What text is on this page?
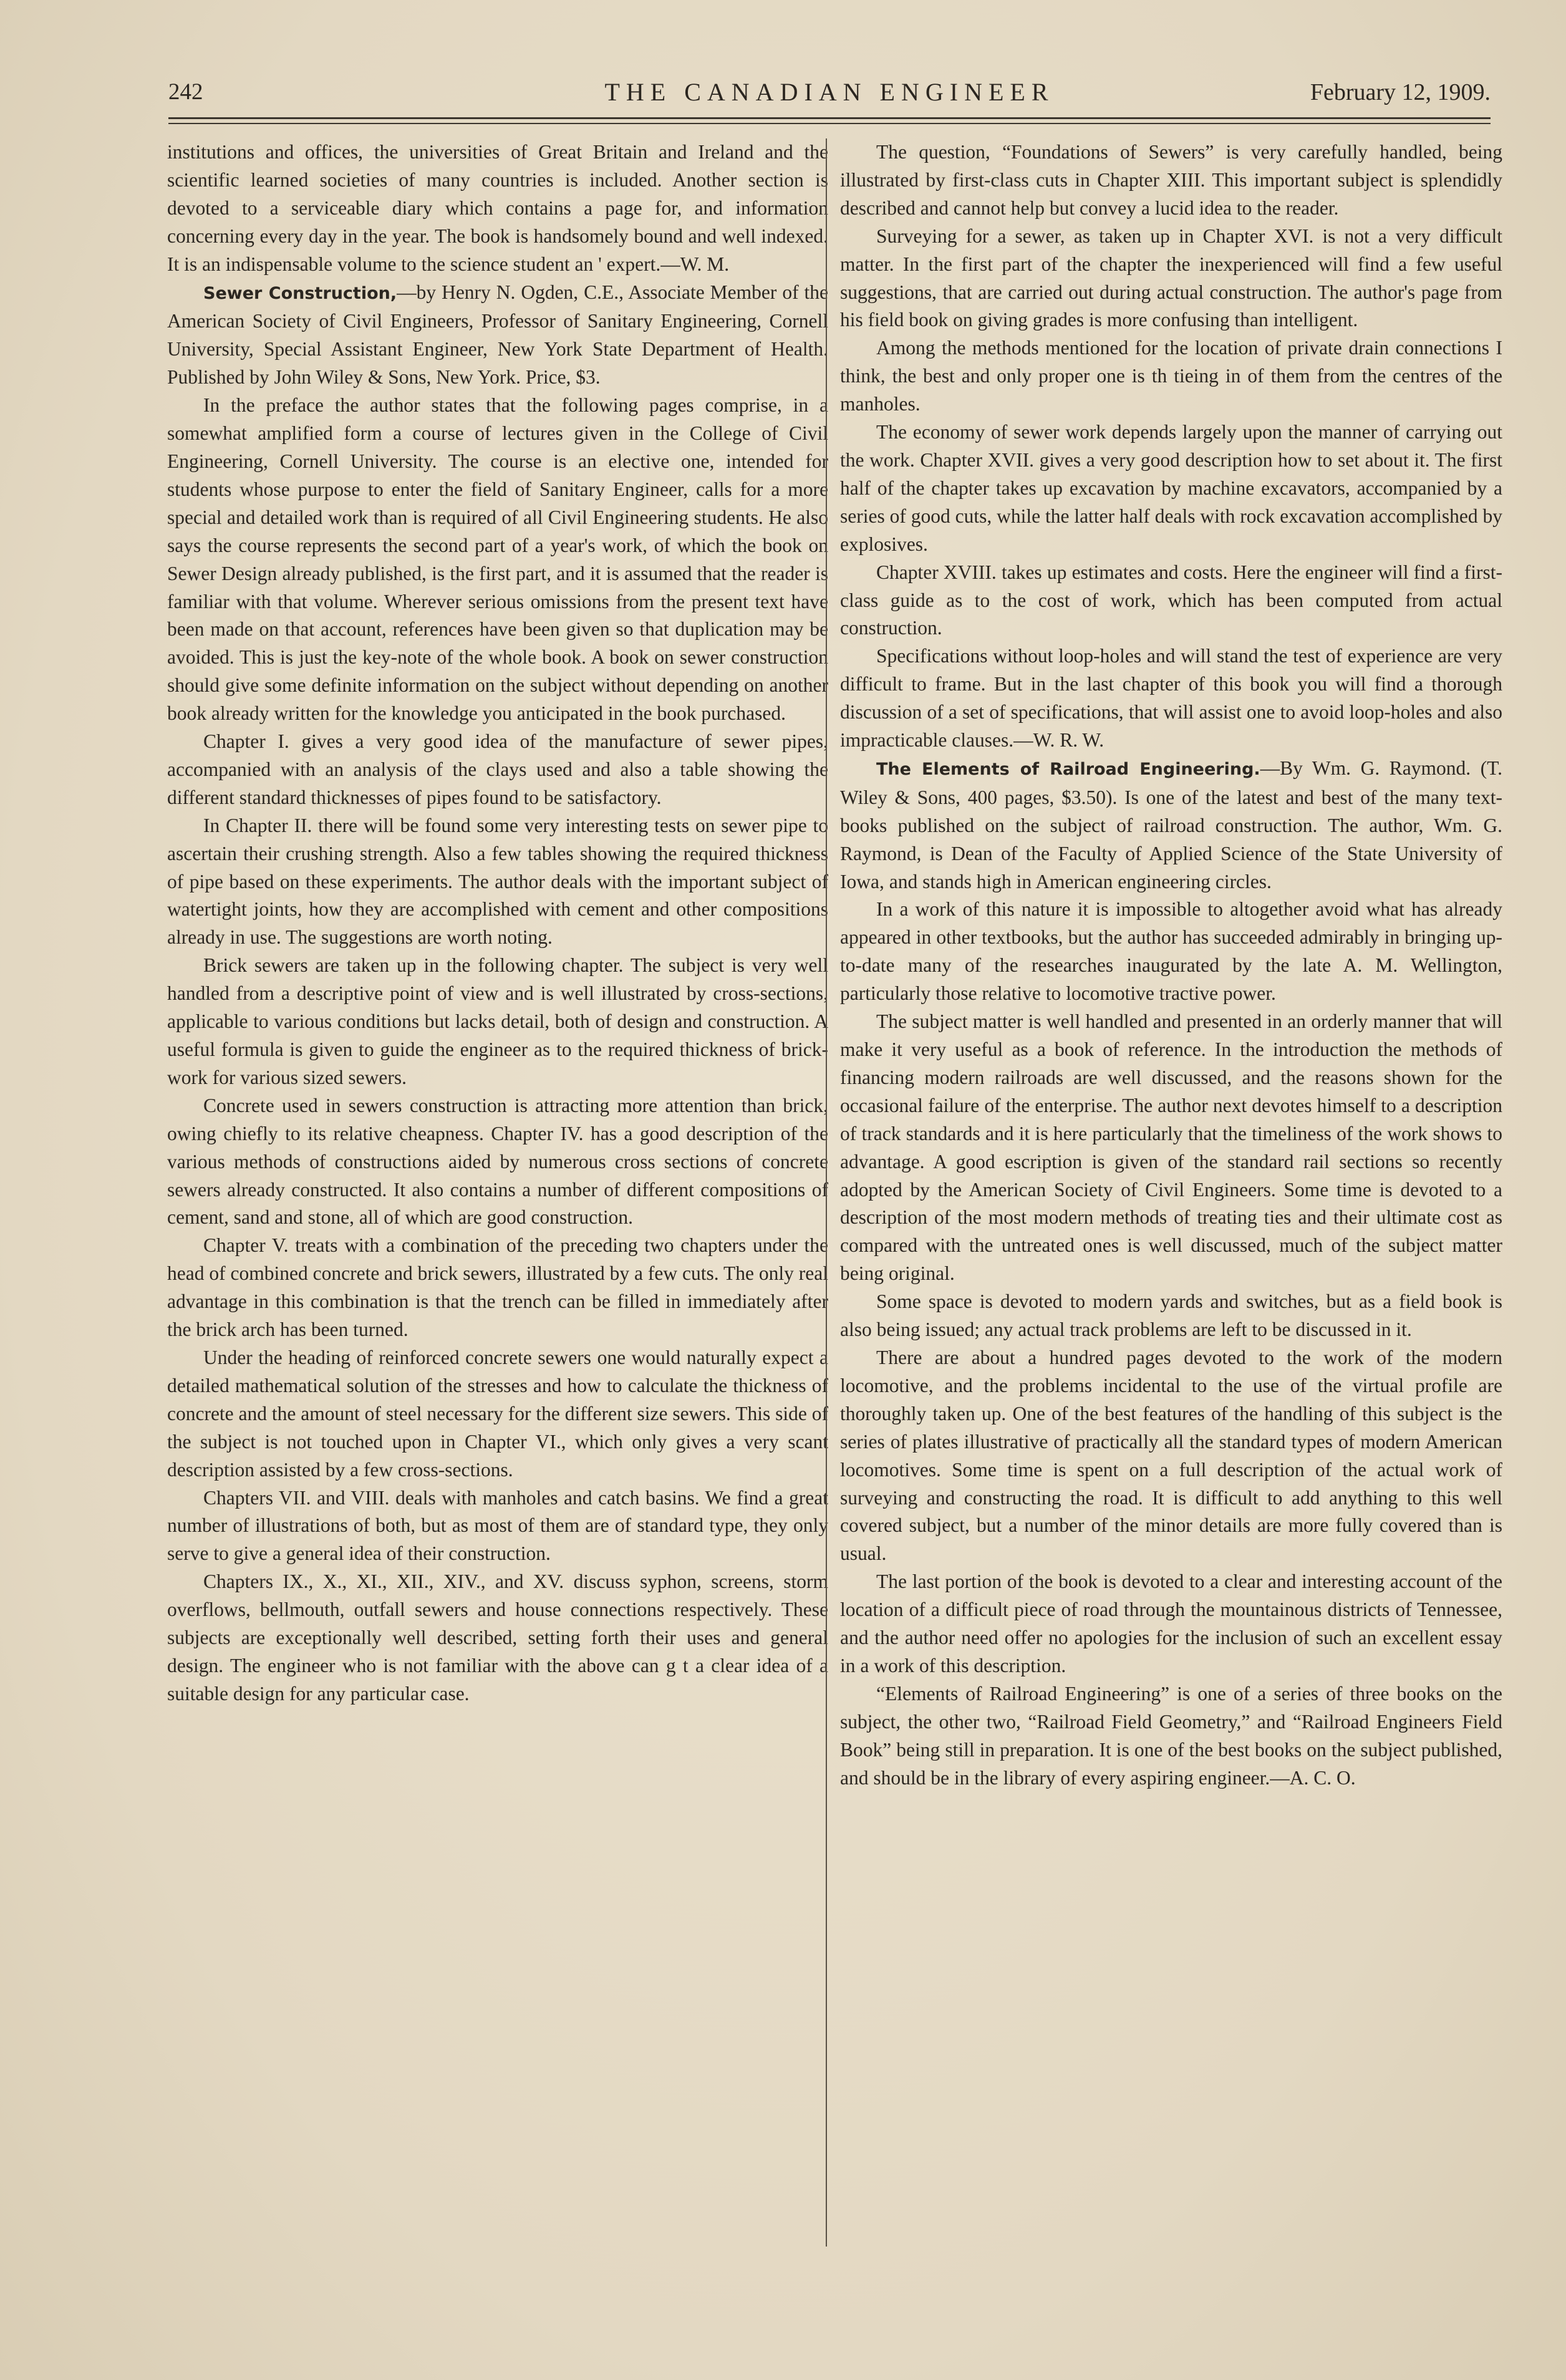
242	THE CANADIAN ENGINEER	February 12, 1909.

institutions and offices, the universities of Great Britain and Ireland and the scientific learned societies of many countries is included. Another section is devoted to a serviceable diary which contains a page for, and information concerning every day in the year. The book is handsomely bound and well indexed. It is an indispensable volume to the science student an ' expert.—W. M.

Sewer Construction,—by Henry N. Ogden, C.E., Associate Member of the American Society of Civil Engineers, Professor of Sanitary Engineering, Cornell University, Special Assistant Engineer, New York State Department of Health. Published by John Wiley & Sons, New York. Price, $3.

In the preface the author states that the following pages comprise, in a somewhat amplified form a course of lectures given in the College of Civil Engineering, Cornell University. The course is an elective one, intended for students whose purpose to enter the field of Sanitary Engineer, calls for a more special and detailed work than is required of all Civil Engineering students. He also says the course represents the second part of a year's work, of which the book on Sewer Design already published, is the first part, and it is assumed that the reader is familiar with that volume. Wherever serious omissions from the present text have been made on that account, references have been given so that duplication may be avoided. This is just the key-note of the whole book. A book on sewer construction should give some definite information on the subject without depending on another book already written for the knowledge you anticipated in the book purchased.

Chapter I. gives a very good idea of the manufacture of sewer pipes, accompanied with an analysis of the clays used and also a table showing the different standard thicknesses of pipes found to be satisfactory.

In Chapter II. there will be found some very interesting tests on sewer pipe to ascertain their crushing strength. Also a few tables showing the required thickness of pipe based on these experiments. The author deals with the important subject of watertight joints, how they are accomplished with cement and other compositions already in use. The suggestions are worth noting.

Brick sewers are taken up in the following chapter. The subject is very well handled from a descriptive point of view and is well illustrated by cross-sections, applicable to various conditions but lacks detail, both of design and construction. A useful formula is given to guide the engineer as to the required thickness of brick-work for various sized sewers.

Concrete used in sewers construction is attracting more attention than brick, owing chiefly to its relative cheapness. Chapter IV. has a good description of the various methods of constructions aided by numerous cross sections of concrete sewers already constructed. It also contains a number of different compositions of cement, sand and stone, all of which are good construction.

Chapter V. treats with a combination of the preceding two chapters under the head of combined concrete and brick sewers, illustrated by a few cuts. The only real advantage in this combination is that the trench can be filled in immediately after the brick arch has been turned.

Under the heading of reinforced concrete sewers one would naturally expect a detailed mathematical solution of the stresses and how to calculate the thickness of concrete and the amount of steel necessary for the different size sewers. This side of the subject is not touched upon in Chapter VI., which only gives a very scant description assisted by a few cross-sections.

Chapters VII. and VIII. deals with manholes and catch basins. We find a great number of illustrations of both, but as most of them are of standard type, they only serve to give a general idea of their construction.

Chapters IX., X., XI., XII., XIV., and XV. discuss syphon, screens, storm overflows, bellmouth, outfall sewers and house connections respectively. These subjects are exceptionally well described, setting forth their uses and general design. The engineer who is not familiar with the above can g t a clear idea of a suitable design for any particular case.

The question, “Foundations of Sewers” is very carefully handled, being illustrated by first-class cuts in Chapter XIII. This important subject is splendidly described and cannot help but convey a lucid idea to the reader.

Surveying for a sewer, as taken up in Chapter XVI. is not a very difficult matter. In the first part of the chapter the inexperienced will find a few useful suggestions, that are carried out during actual construction. The author's page from his field book on giving grades is more confusing than intelligent.

Among the methods mentioned for the location of private drain connections I think, the best and only proper one is th tieing in of them from the centres of the manholes.

The economy of sewer work depends largely upon the manner of carrying out the work. Chapter XVII. gives a very good description how to set about it. The first half of the chapter takes up excavation by machine excavators, accompanied by a series of good cuts, while the latter half deals with rock excavation accomplished by explosives.

Chapter XVIII. takes up estimates and costs. Here the engineer will find a first-class guide as to the cost of work, which has been computed from actual construction.

Specifications without loop-holes and will stand the test of experience are very difficult to frame. But in the last chapter of this book you will find a thorough discussion of a set of specifications, that will assist one to avoid loop-holes and also impracticable clauses.—W. R. W.

The Elements of Railroad Engineering.—By Wm. G. Raymond. (T. Wiley & Sons, 400 pages, $3.50). Is one of the latest and best of the many text-books published on the subject of railroad construction. The author, Wm. G. Raymond, is Dean of the Faculty of Applied Science of the State University of Iowa, and stands high in American engineering circles.

In a work of this nature it is impossible to altogether avoid what has already appeared in other textbooks, but the author has succeeded admirably in bringing up-to-date many of the researches inaugurated by the late A. M. Wellington, particularly those relative to locomotive tractive power.

The subject matter is well handled and presented in an orderly manner that will make it very useful as a book of reference. In the introduction the methods of financing modern railroads are well discussed, and the reasons shown for the occasional failure of the enterprise. The author next devotes himself to a description of track standards and it is here particularly that the timeliness of the work shows to advantage. A good escription is given of the standard rail sections so recently adopted by the American Society of Civil Engineers. Some time is devoted to a description of the most modern methods of treating ties and their ultimate cost as compared with the untreated ones is well discussed, much of the subject matter being original.

Some space is devoted to modern yards and switches, but as a field book is also being issued; any actual track problems are left to be discussed in it.

There are about a hundred pages devoted to the work of the modern locomotive, and the problems incidental to the use of the virtual profile are thoroughly taken up. One of the best features of the handling of this subject is the series of plates illustrative of practically all the standard types of modern American locomotives. Some time is spent on a full description of the actual work of surveying and constructing the road. It is difficult to add anything to this well covered subject, but a number of the minor details are more fully covered than is usual.

The last portion of the book is devoted to a clear and interesting account of the location of a difficult piece of road through the mountainous districts of Tennessee, and the author need offer no apologies for the inclusion of such an excellent essay in a work of this description.

“Elements of Railroad Engineering” is one of a series of three books on the subject, the other two, “Railroad Field Geometry,” and “Railroad Engineers Field Book” being still in preparation. It is one of the best books on the subject published, and should be in the library of every aspiring engineer.—A. C. O.
